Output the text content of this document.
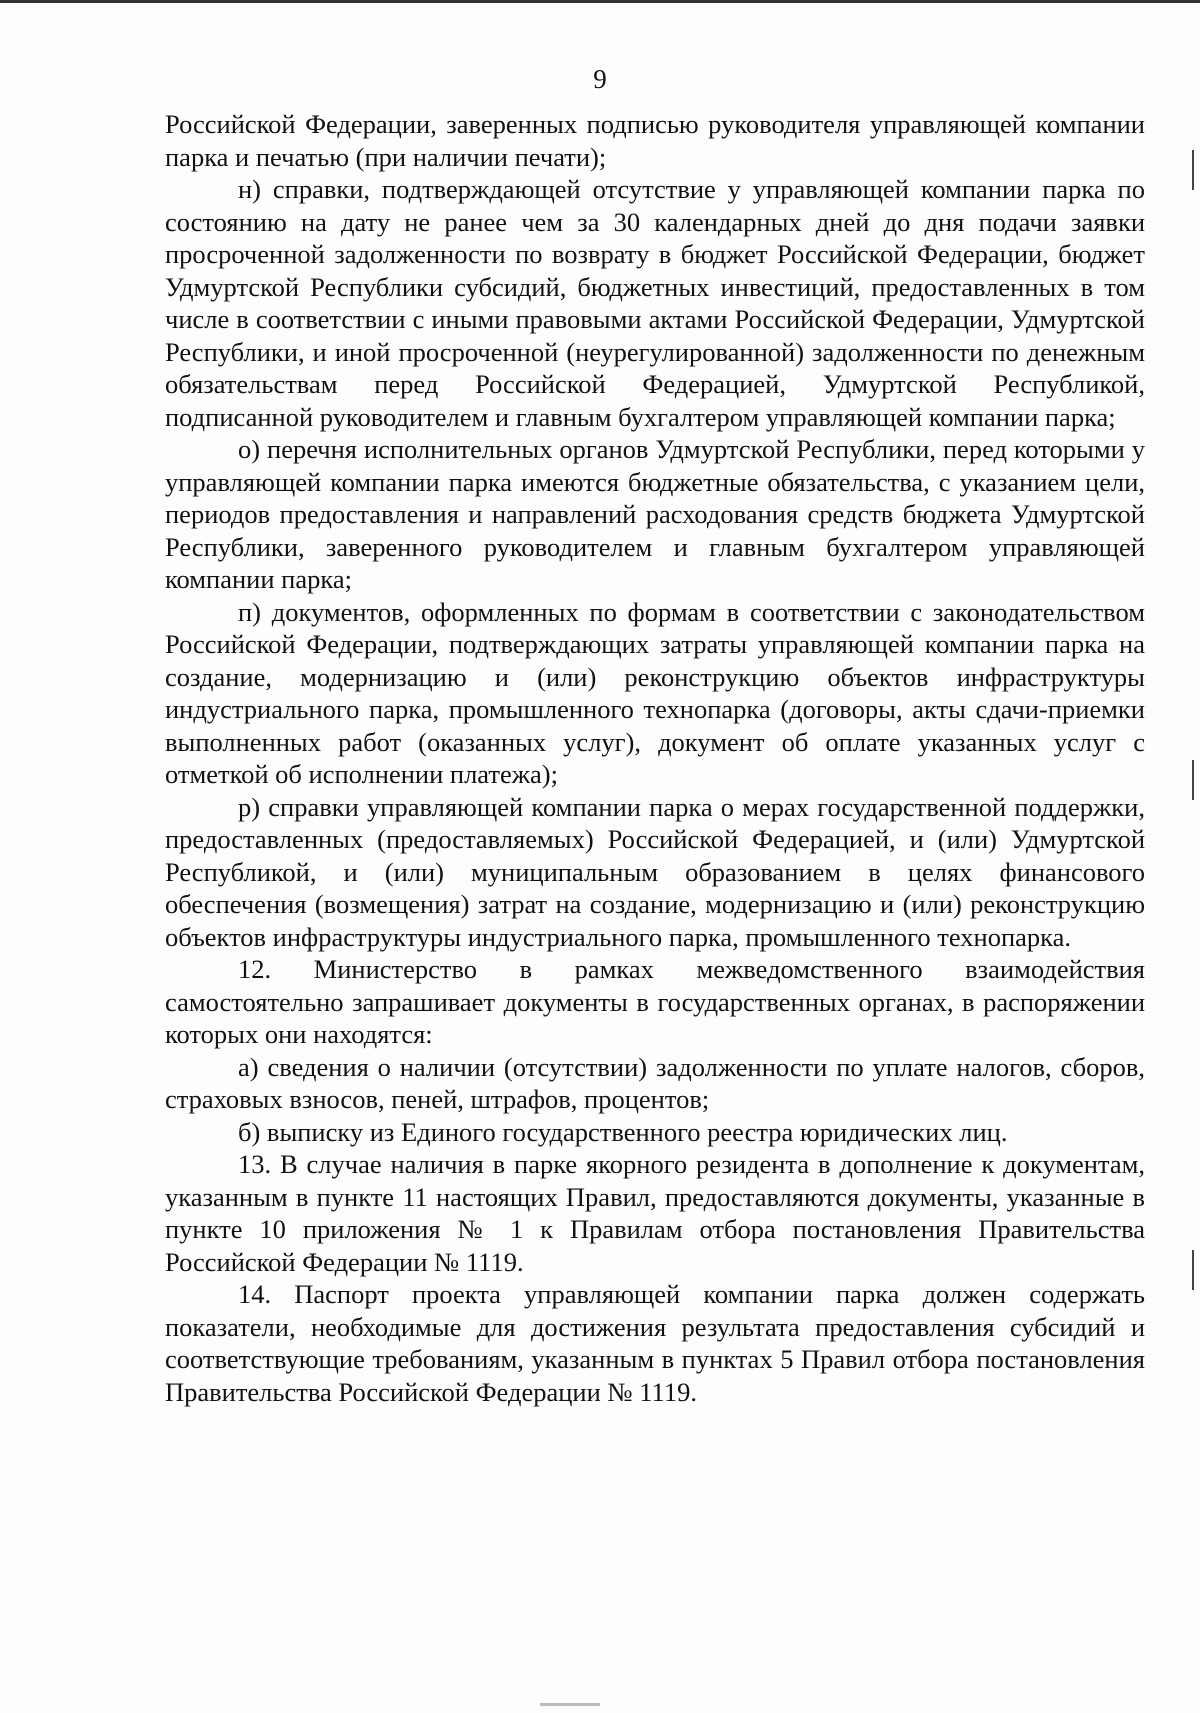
9

Российской Федерации, заверенных подписью руководителя управляющей компании парка и печатью (при наличии печати);

н) справки, подтверждающей отсутствие у управляющей компании парка по состоянию на дату не ранее чем за 30 календарных дней до дня подачи заявки просроченной задолженности по возврату в бюджет Российской Федерации, бюджет Удмуртской Республики субсидий, бюджетных инвестиций, предоставленных в том числе в соответствии с иными правовыми актами Российской Федерации, Удмуртской Республики, и иной просроченной (неурегулированной) задолженности по денежным обязательствам перед Российской Федерацией, Удмуртской Республикой, подписанной руководителем и главным бухгалтером управляющей компании парка;

о) перечня исполнительных органов Удмуртской Республики, перед которыми у управляющей компании парка имеются бюджетные обязательства, с указанием цели, периодов предоставления и направлений расходования средств бюджета Удмуртской Республики, заверенного руководителем и главным бухгалтером управляющей компании парка;

п) документов, оформленных по формам в соответствии с законодательством Российской Федерации, подтверждающих затраты управляющей компании парка на создание, модернизацию и (или) реконструкцию объектов инфраструктуры индустриального парка, промышленного технопарка (договоры, акты сдачи-приемки выполненных работ (оказанных услуг), документ об оплате указанных услуг с отметкой об исполнении платежа);

р) справки управляющей компании парка о мерах государственной поддержки, предоставленных (предоставляемых) Российской Федерацией, и (или) Удмуртской Республикой, и (или) муниципальным образованием в целях финансового обеспечения (возмещения) затрат на создание, модернизацию и (или) реконструкцию объектов инфраструктуры индустриального парка, промышленного технопарка.

12. Министерство в рамках межведомственного взаимодействия самостоятельно запрашивает документы в государственных органах, в распоряжении которых они находятся:

а) сведения о наличии (отсутствии) задолженности по уплате налогов, сборов, страховых взносов, пеней, штрафов, процентов;

б) выписку из Единого государственного реестра юридических лиц.

13. В случае наличия в парке якорного резидента в дополнение к документам, указанным в пункте 11 настоящих Правил, предоставляются документы, указанные в пункте 10 приложения № 1 к Правилам отбора постановления Правительства Российской Федерации № 1119.

14. Паспорт проекта управляющей компании парка должен содержать показатели, необходимые для достижения результата предоставления субсидий и соответствующие требованиям, указанным в пунктах 5 Правил отбора постановления Правительства Российской Федерации № 1119.
